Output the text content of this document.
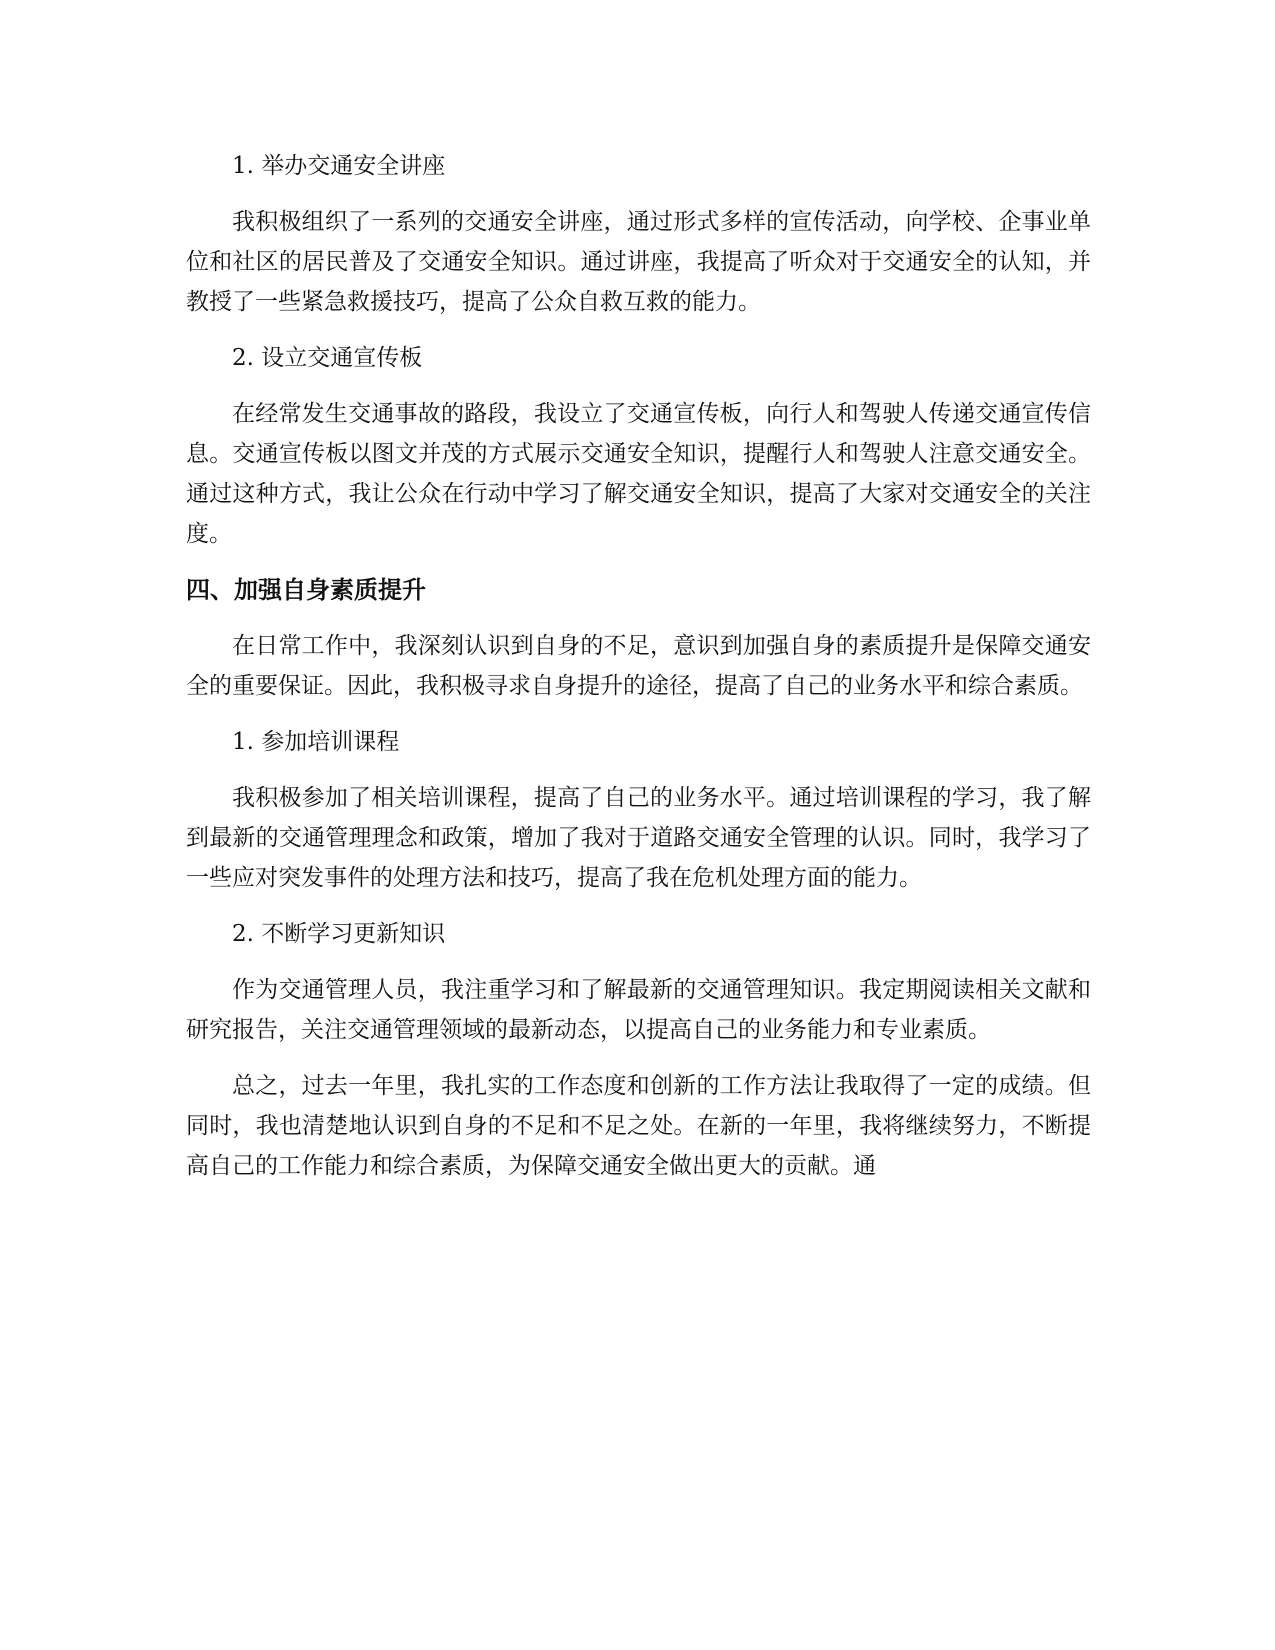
1. 举办交通安全讲座

我积极组织了一系列的交通安全讲座，通过形式多样的宣传活动，向学校、企事业单位和社区的居民普及了交通安全知识。通过讲座，我提高了听众对于交通安全的认知，并教授了一些紧急救援技巧，提高了公众自救互救的能力。

2. 设立交通宣传板

在经常发生交通事故的路段，我设立了交通宣传板，向行人和驾驶人传递交通宣传信息。交通宣传板以图文并茂的方式展示交通安全知识，提醒行人和驾驶人注意交通安全。通过这种方式，我让公众在行动中学习了解交通安全知识，提高了大家对交通安全的关注度。

四、加强自身素质提升

在日常工作中，我深刻认识到自身的不足，意识到加强自身的素质提升是保障交通安全的重要保证。因此，我积极寻求自身提升的途径，提高了自己的业务水平和综合素质。

1. 参加培训课程

我积极参加了相关培训课程，提高了自己的业务水平。通过培训课程的学习，我了解到最新的交通管理理念和政策，增加了我对于道路交通安全管理的认识。同时，我学习了一些应对突发事件的处理方法和技巧，提高了我在危机处理方面的能力。

2. 不断学习更新知识

作为交通管理人员，我注重学习和了解最新的交通管理知识。我定期阅读相关文献和研究报告，关注交通管理领域的最新动态，以提高自己的业务能力和专业素质。

总之，过去一年里，我扎实的工作态度和创新的工作方法让我取得了一定的成绩。但同时，我也清楚地认识到自身的不足和不足之处。在新的一年里，我将继续努力，不断提高自己的工作能力和综合素质，为保障交通安全做出更大的贡献。通
